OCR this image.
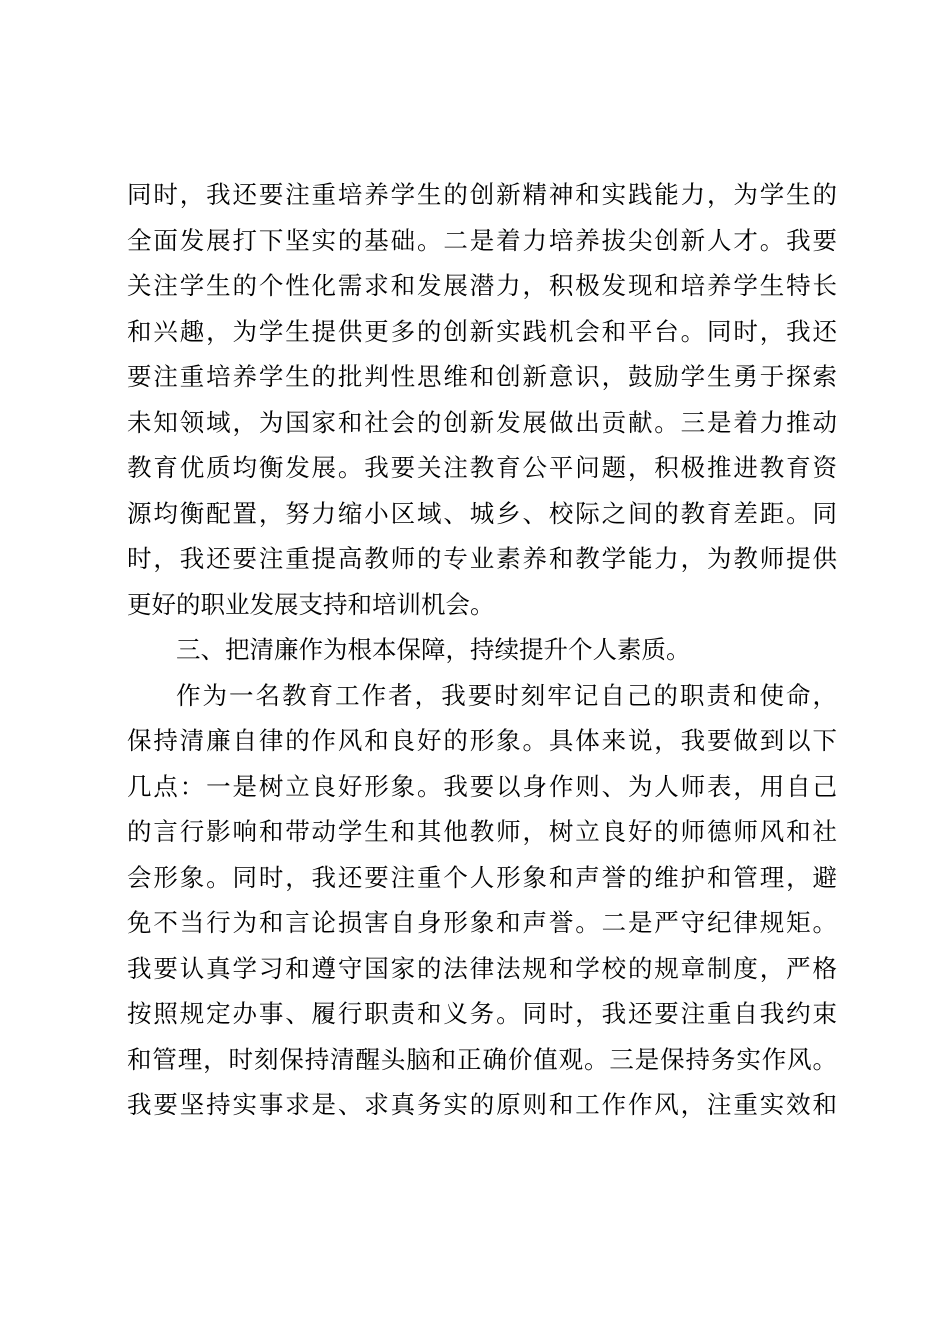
同时，我还要注重培养学生的创新精神和实践能力，为学生的
全面发展打下坚实的基础。二是着力培养拔尖创新人才。我要
关注学生的个性化需求和发展潜力，积极发现和培养学生特长
和兴趣，为学生提供更多的创新实践机会和平台。同时，我还
要注重培养学生的批判性思维和创新意识，鼓励学生勇于探索
未知领域，为国家和社会的创新发展做出贡献。三是着力推动
教育优质均衡发展。我要关注教育公平问题，积极推进教育资
源均衡配置，努力缩小区域、城乡、校际之间的教育差距。同
时，我还要注重提高教师的专业素养和教学能力，为教师提供
更好的职业发展支持和培训机会。
三、把清廉作为根本保障，持续提升个人素质。
作为一名教育工作者，我要时刻牢记自己的职责和使命，
保持清廉自律的作风和良好的形象。具体来说，我要做到以下
几点：一是树立良好形象。我要以身作则、为人师表，用自己
的言行影响和带动学生和其他教师，树立良好的师德师风和社
会形象。同时，我还要注重个人形象和声誉的维护和管理，避
免不当行为和言论损害自身形象和声誉。二是严守纪律规矩。
我要认真学习和遵守国家的法律法规和学校的规章制度，严格
按照规定办事、履行职责和义务。同时，我还要注重自我约束
和管理，时刻保持清醒头脑和正确价值观。三是保持务实作风。
我要坚持实事求是、求真务实的原则和工作作风，注重实效和
